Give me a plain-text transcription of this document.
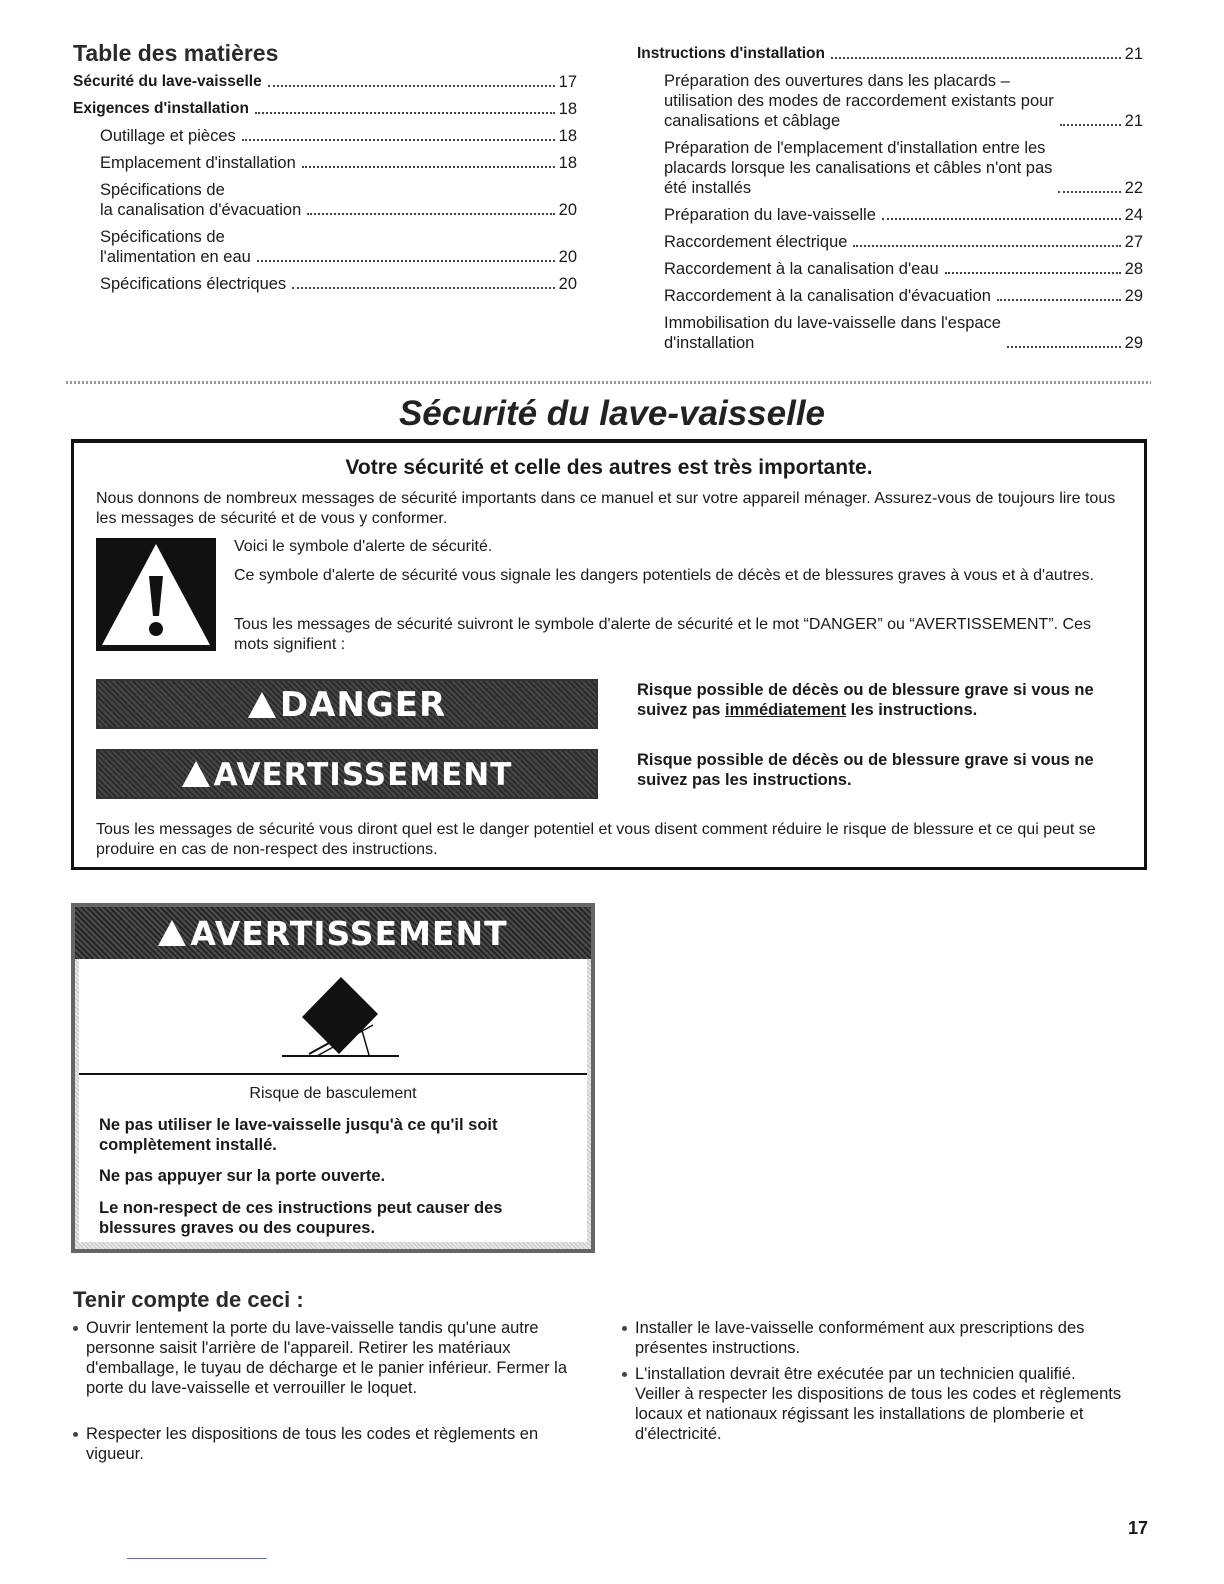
Table des matières
Sécurité du lave-vaisselle	17
Exigences d'installation	18
Outillage et pièces	18
Emplacement d'installation	18
Spécifications de
la canalisation d'évacuation	20
Spécifications de
l'alimentation en eau	20
Spécifications électriques	20
Instructions d'installation	21
Préparation des ouvertures dans les placards –
utilisation des modes de raccordement existants pour
canalisations et câblage	21
Préparation de l'emplacement d'installation entre les
placards lorsque les canalisations et câbles n'ont pas
été installés	22
Préparation du lave-vaisselle	24
Raccordement électrique	27
Raccordement à la canalisation d'eau	28
Raccordement à la canalisation d'évacuation	29
Immobilisation du lave-vaisselle dans l'espace
d'installation	29
Sécurité du lave-vaisselle
Votre sécurité et celle des autres est très importante.
Nous donnons de nombreux messages de sécurité importants dans ce manuel et sur votre appareil ménager. Assurez-vous de toujours lire tous les messages de sécurité et de vous y conformer.
Voici le symbole d'alerte de sécurité.
Ce symbole d'alerte de sécurité vous signale les dangers potentiels de décès et de blessures graves à vous et à d'autres.
Tous les messages de sécurité suivront le symbole d'alerte de sécurité et le mot “DANGER” ou “AVERTISSEMENT”. Ces mots signifient :
DANGER	Risque possible de décès ou de blessure grave si vous ne suivez pas immédiatement les instructions.
AVERTISSEMENT	Risque possible de décès ou de blessure grave si vous ne suivez pas les instructions.
Tous les messages de sécurité vous diront quel est le danger potentiel et vous disent comment réduire le risque de blessure et ce qui peut se produire en cas de non-respect des instructions.
AVERTISSEMENT
Risque de basculement
Ne pas utiliser le lave-vaisselle jusqu'à ce qu'il soit complètement installé.
Ne pas appuyer sur la porte ouverte.
Le non-respect de ces instructions peut causer des blessures graves ou des coupures.
Tenir compte de ceci :
Ouvrir lentement la porte du lave-vaisselle tandis qu'une autre personne saisit l'arrière de l'appareil. Retirer les matériaux d'emballage, le tuyau de décharge et le panier inférieur. Fermer la porte du lave-vaisselle et verrouiller le loquet.
Respecter les dispositions de tous les codes et règlements en vigueur.
Installer le lave-vaisselle conformément aux prescriptions des présentes instructions.
L'installation devrait être exécutée par un technicien qualifié. Veiller à respecter les dispositions de tous les codes et règlements locaux et nationaux régissant les installations de plomberie et d'électricité.
17
